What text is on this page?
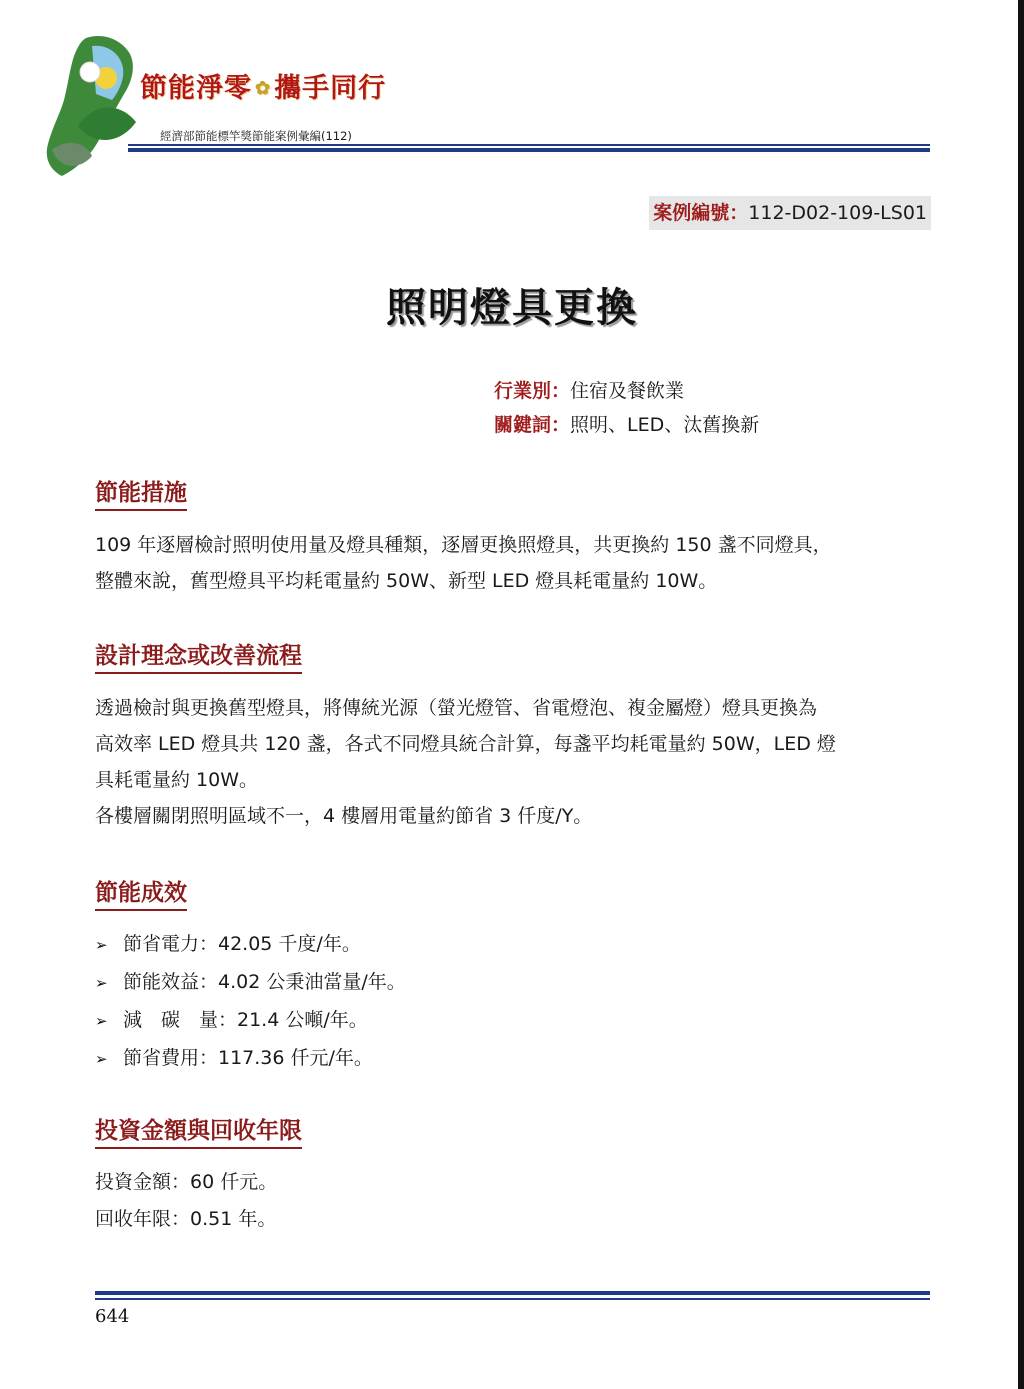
節能淨零 ✿ 攜手同行
經濟部節能標竿獎節能案例彙編(112)
案例編號：112-D02-109-LS01
照明燈具更換
行業別：住宿及餐飲業
關鍵詞：照明、LED、汰舊換新
節能措施

109 年逐層檢討照明使用量及燈具種類，逐層更換照燈具，共更換約 150 盞不同燈具，

整體來說，舊型燈具平均耗電量約 50W、新型 LED 燈具耗電量約 10W。

設計理念或改善流程

透過檢討與更換舊型燈具，將傳統光源（螢光燈管、省電燈泡、複金屬燈）燈具更換為

高效率 LED 燈具共 120 盞，各式不同燈具統合計算，每盞平均耗電量約 50W，LED 燈

具耗電量約 10W。

各樓層關閉照明區域不一，4 樓層用電量約節省 3 仟度/Y。

節能成效
➢ 節省電力：42.05 千度/年。
➢ 節能效益：4.02 公秉油當量/年。
➢ 減　碳　量：21.4 公噸/年。
➢ 節省費用：117.36 仟元/年。
投資金額與回收年限
投資金額：60 仟元。
回收年限：0.51 年。
644
